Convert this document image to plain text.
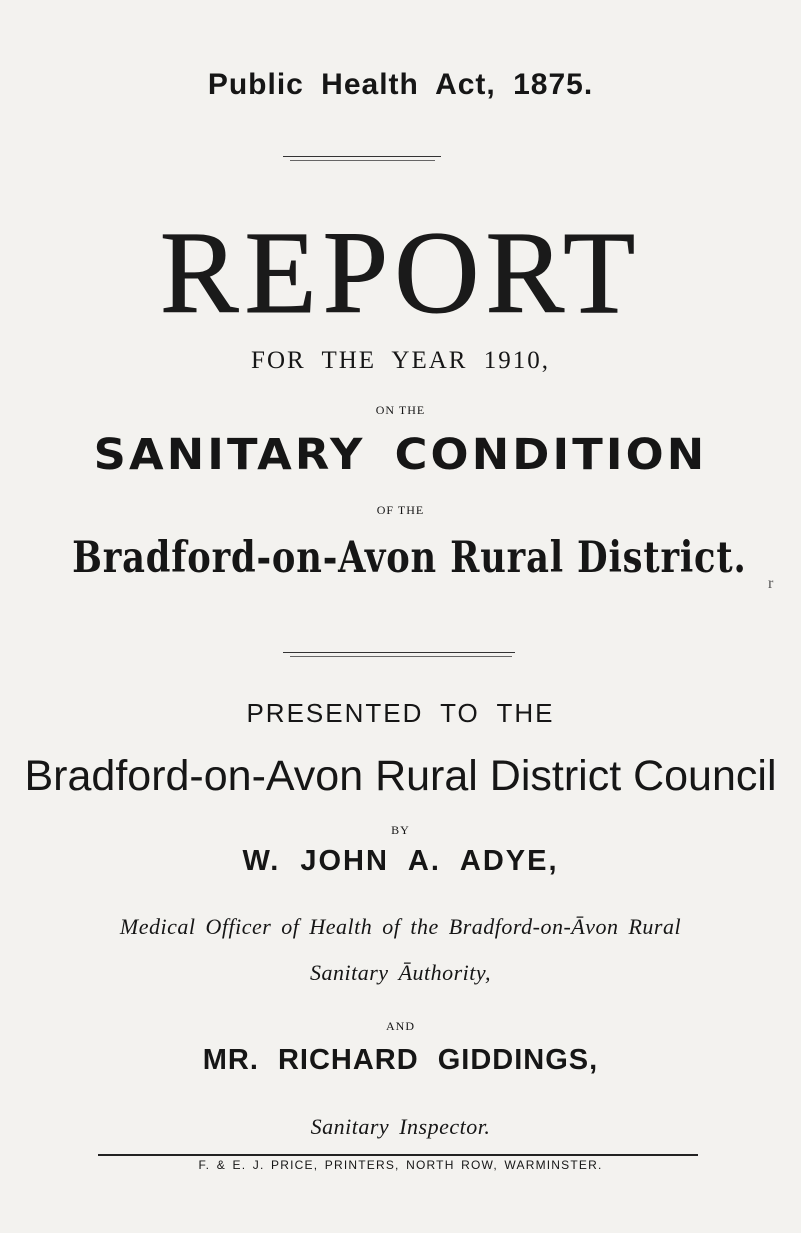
Public Health Act, 1875.
REPORT
FOR THE YEAR 1910,
ON THE
SANITARY CONDITION
OF THE
Bradford-on-Avon Rural District.
r
PRESENTED TO THE
Bradford-on-Avon Rural District Council
BY
W. JOHN A. ADYE,
Medical Officer of Health of the Bradford-on-Āvon Rural
Sanitary Āuthority,
AND
MR. RICHARD GIDDINGS,
Sanitary Inspector.
F. & E. J. PRICE, PRINTERS, NORTH ROW, WARMINSTER.
